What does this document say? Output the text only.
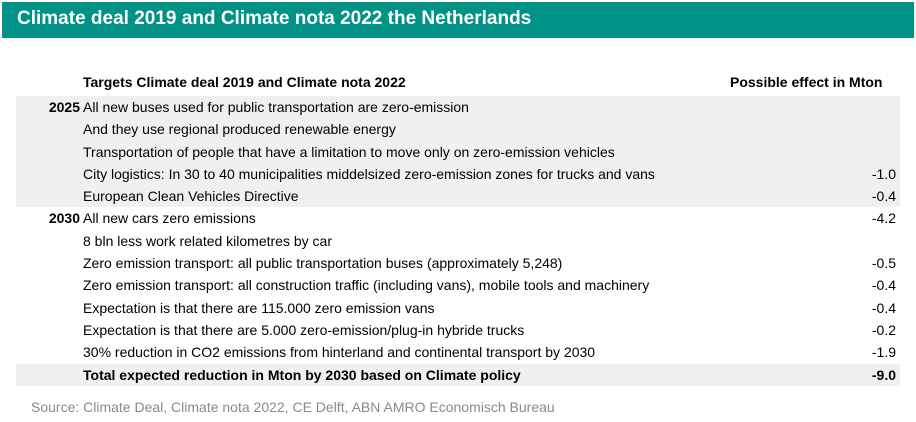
Climate deal 2019 and Climate nota 2022 the Netherlands
Targets Climate deal 2019 and Climate nota 2022	Possible effect in Mton
2025 All new buses used for public transportation are zero-emission
And they use regional produced renewable energy
Transportation of people that have a limitation to move only on zero-emission vehicles
City logistics: In 30 to 40 municipalities middelsized zero-emission zones for trucks and vans	-1.0
European Clean Vehicles Directive	-0.4
2030 All new cars zero emissions	-4.2
8 bln less work related kilometres by car
Zero emission transport: all public transportation buses (approximately 5,248)	-0.5
Zero emission transport: all construction traffic (including vans), mobile tools and machinery	-0.4
Expectation is that there are 115.000 zero emission vans	-0.4
Expectation is that there are 5.000 zero-emission/plug-in hybride trucks	-0.2
30% reduction in CO2 emissions from hinterland and continental transport by 2030	-1.9
Total expected reduction in Mton by 2030 based on Climate policy	-9.0
Source: Climate Deal, Climate nota 2022, CE Delft, ABN AMRO Economisch Bureau
